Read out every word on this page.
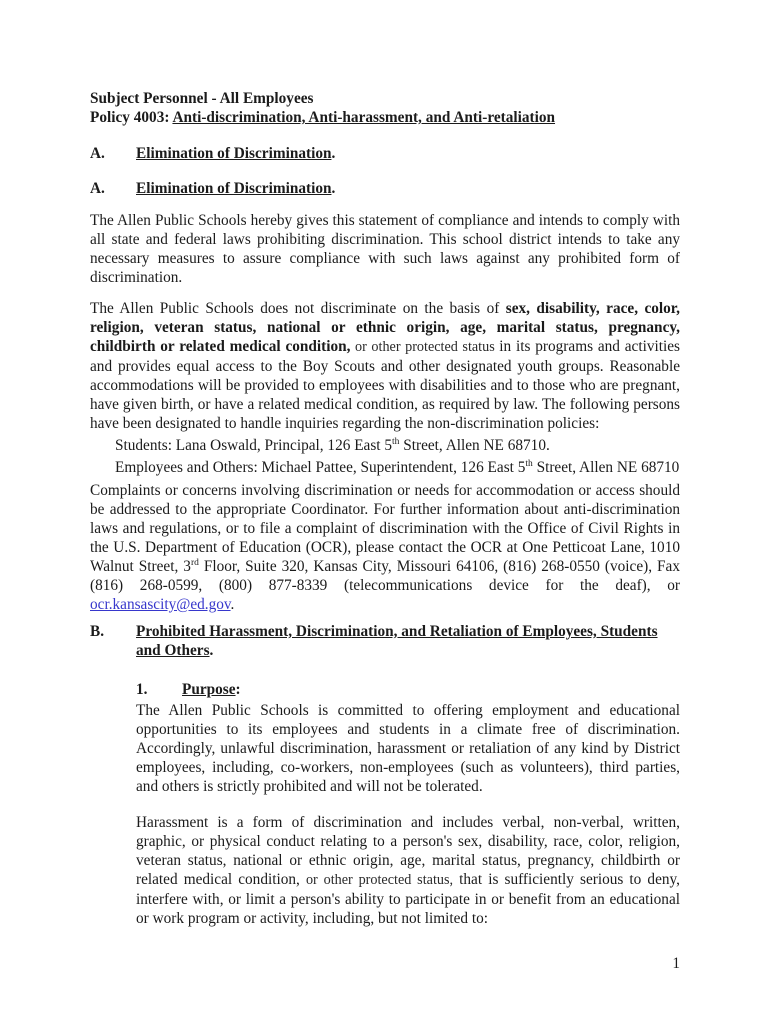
Subject Personnel - All Employees
Policy 4003: Anti-discrimination, Anti-harassment, and Anti-retaliation
A. Elimination of Discrimination.
A. Elimination of Discrimination.

The Allen Public Schools hereby gives this statement of compliance and intends to comply with all state and federal laws prohibiting discrimination. This school district intends to take any necessary measures to assure compliance with such laws against any prohibited form of discrimination.

The Allen Public Schools does not discriminate on the basis of sex, disability, race, color, religion, veteran status, national or ethnic origin, age, marital status, pregnancy, childbirth or related medical condition, or other protected status in its programs and activities and provides equal access to the Boy Scouts and other designated youth groups. Reasonable accommodations will be provided to employees with disabilities and to those who are pregnant, have given birth, or have a related medical condition, as required by law. The following persons have been designated to handle inquiries regarding the non-discrimination policies:

Students: Lana Oswald, Principal, 126 East 5th Street, Allen NE 68710.

Employees and Others: Michael Pattee, Superintendent, 126 East 5th Street, Allen NE 68710

Complaints or concerns involving discrimination or needs for accommodation or access should be addressed to the appropriate Coordinator. For further information about anti-discrimination laws and regulations, or to file a complaint of discrimination with the Office of Civil Rights in the U.S. Department of Education (OCR), please contact the OCR at One Petticoat Lane, 1010 Walnut Street, 3rd Floor, Suite 320, Kansas City, Missouri 64106, (816) 268-0550 (voice), Fax (816) 268-0599, (800) 877-8339 (telecommunications device for the deaf), or ocr.kansascity@ed.gov.

B. Prohibited Harassment, Discrimination, and Retaliation of Employees, Students and Others.
1. Purpose:

The Allen Public Schools is committed to offering employment and educational opportunities to its employees and students in a climate free of discrimination. Accordingly, unlawful discrimination, harassment or retaliation of any kind by District employees, including, co-workers, non-employees (such as volunteers), third parties, and others is strictly prohibited and will not be tolerated.

Harassment is a form of discrimination and includes verbal, non-verbal, written, graphic, or physical conduct relating to a person's sex, disability, race, color, religion, veteran status, national or ethnic origin, age, marital status, pregnancy, childbirth or related medical condition, or other protected status, that is sufficiently serious to deny, interfere with, or limit a person's ability to participate in or benefit from an educational or work program or activity, including, but not limited to:

1
